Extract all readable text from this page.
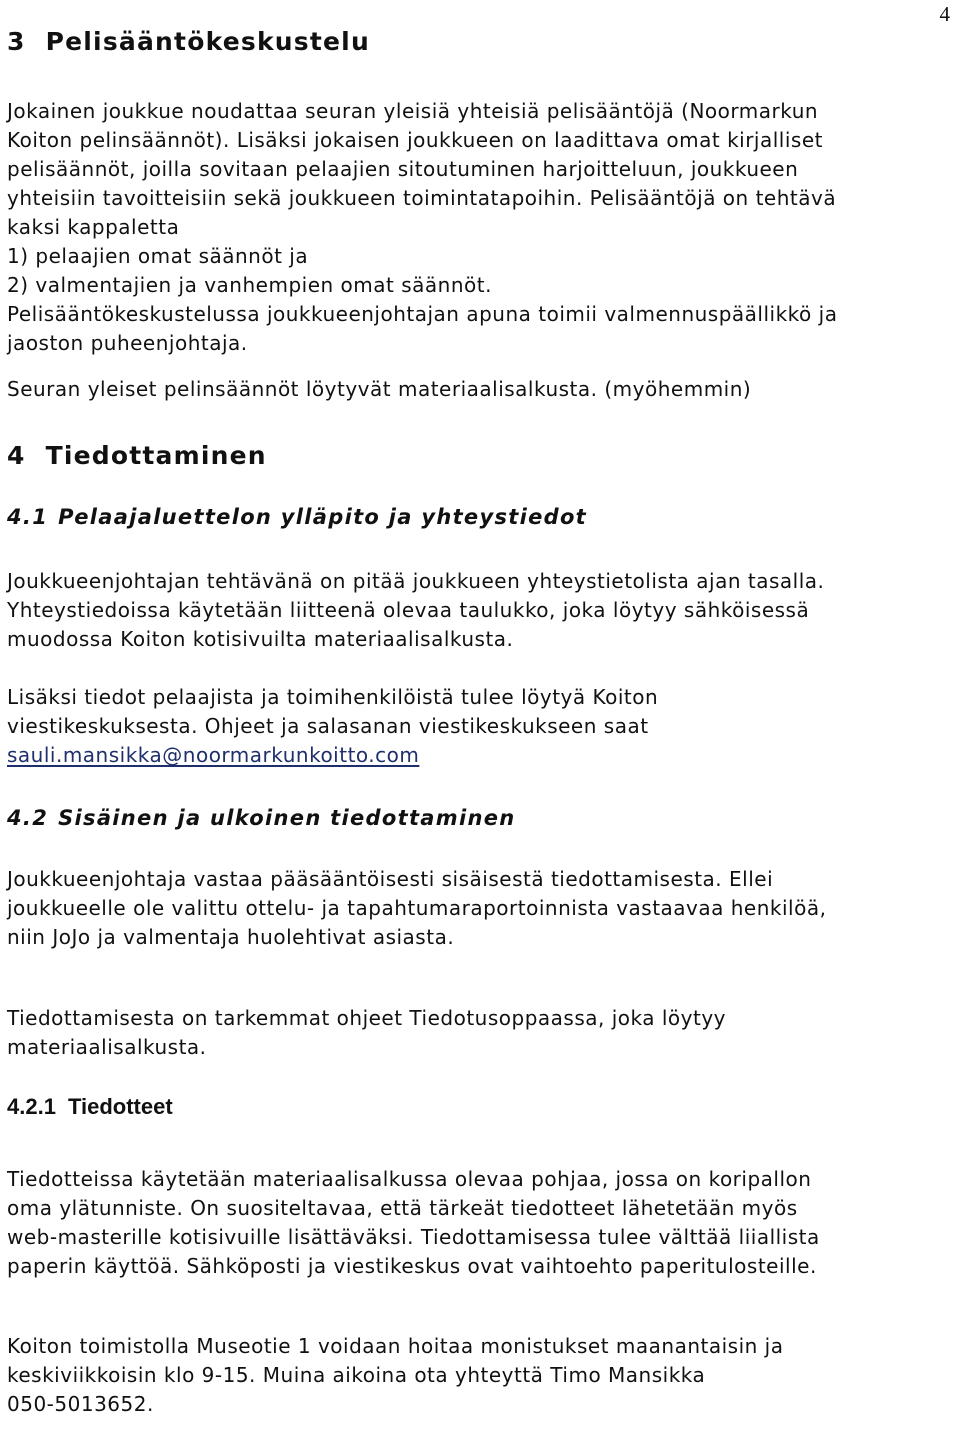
4
3 Pelisääntökeskustelu

Jokainen joukkue noudattaa seuran yleisiä yhteisiä pelisääntöjä (Noormarkun
Koiton pelinsäännöt). Lisäksi jokaisen joukkueen on laadittava omat kirjalliset
pelisäännöt, joilla sovitaan pelaajien sitoutuminen harjoitteluun, joukkueen
yhteisiin tavoitteisiin sekä joukkueen toimintatapoihin. Pelisääntöjä on tehtävä
kaksi kappaletta
1) pelaajien omat säännöt ja
2) valmentajien ja vanhempien omat säännöt.
Pelisääntökeskustelussa joukkueenjohtajan apuna toimii valmennuspäällikkö ja
jaoston puheenjohtaja.

Seuran yleiset pelinsäännöt löytyvät materiaalisalkusta. (myöhemmin)

4 Tiedottaminen
4.1 Pelaajaluettelon ylläpito ja yhteystiedot

Joukkueenjohtajan tehtävänä on pitää joukkueen yhteystietolista ajan tasalla.
Yhteystiedoissa käytetään liitteenä olevaa taulukko, joka löytyy sähköisessä
muodossa Koiton kotisivuilta materiaalisalkusta.

Lisäksi tiedot pelaajista ja toimihenkilöistä tulee löytyä Koiton
viestikeskuksesta. Ohjeet ja salasanan viestikeskukseen saat
sauli.mansikka@noormarkunkoitto.com

4.2 Sisäinen ja ulkoinen tiedottaminen

Joukkueenjohtaja vastaa pääsääntöisesti sisäisestä tiedottamisesta. Ellei
joukkueelle ole valittu ottelu- ja tapahtumaraportoinnista vastaavaa henkilöä,
niin JoJo ja valmentaja huolehtivat asiasta.

Tiedottamisesta on tarkemmat ohjeet Tiedotusoppaassa, joka löytyy
materiaalisalkusta.

4.2.1 Tiedotteet

Tiedotteissa käytetään materiaalisalkussa olevaa pohjaa, jossa on koripallon
oma ylätunniste. On suositeltavaa, että tärkeät tiedotteet lähetetään myös
web-masterille kotisivuille lisättäväksi. Tiedottamisessa tulee välttää liiallista
paperin käyttöä. Sähköposti ja viestikeskus ovat vaihtoehto paperitulosteille.

Koiton toimistolla Museotie 1 voidaan hoitaa monistukset maanantaisin ja
keskiviikkoisin klo 9-15. Muina aikoina ota yhteyttä Timo Mansikka
050-5013652.
